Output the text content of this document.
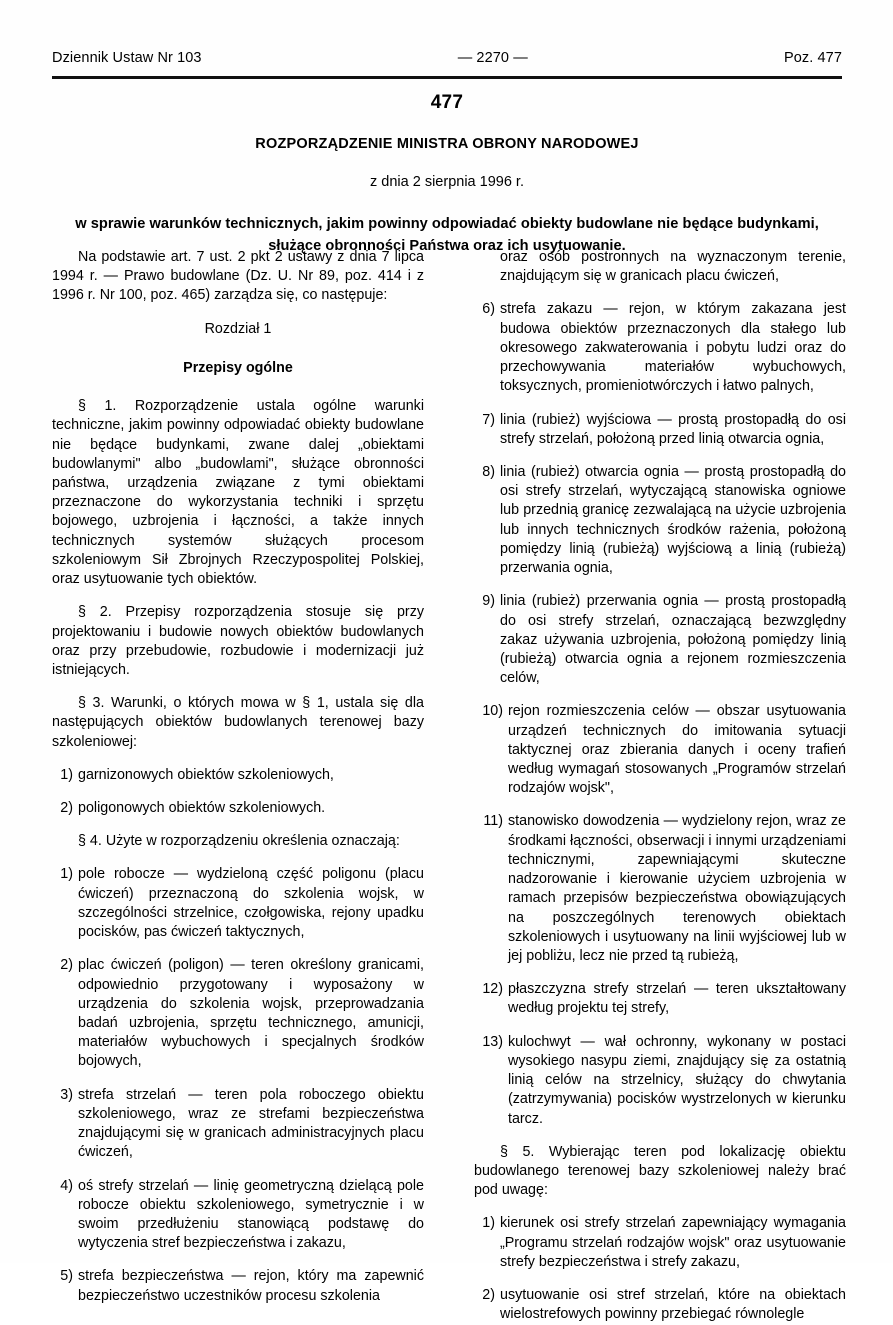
Dziennik Ustaw Nr 103	— 2270 —	Poz. 477
477
ROZPORZĄDZENIE MINISTRA OBRONY NARODOWEJ
z dnia 2 sierpnia 1996 r.
w sprawie warunków technicznych, jakim powinny odpowiadać obiekty budowlane nie będące budynkami, służące obronności Państwa oraz ich usytuowanie.

Na podstawie art. 7 ust. 2 pkt 2 ustawy z dnia 7 lipca 1994 r. — Prawo budowlane (Dz. U. Nr 89, poz. 414 i z 1996 r. Nr 100, poz. 465) zarządza się, co następuje:

Rozdział 1

Przepisy ogólne

§ 1. Rozporządzenie ustala ogólne warunki techniczne, jakim powinny odpowiadać obiekty budowlane nie będące budynkami, zwane dalej „obiektami budowlanymi" albo „budowlami", służące obronności państwa, urządzenia związane z tymi obiektami przeznaczone do wykorzystania techniki i sprzętu bojowego, uzbrojenia i łączności, a także innych technicznych systemów służących procesom szkoleniowym Sił Zbrojnych Rzeczypospolitej Polskiej, oraz usytuowanie tych obiektów.

§ 2. Przepisy rozporządzenia stosuje się przy projektowaniu i budowie nowych obiektów budowlanych oraz przy przebudowie, rozbudowie i modernizacji już istniejących.

§ 3. Warunki, o których mowa w § 1, ustala się dla następujących obiektów budowlanych terenowej bazy szkoleniowej:

1) garnizonowych obiektów szkoleniowych,
2) poligonowych obiektów szkoleniowych.

§ 4. Użyte w rozporządzeniu określenia oznaczają:

1) pole robocze — wydzieloną część poligonu (placu ćwiczeń) przeznaczoną do szkolenia wojsk, w szczególności strzelnice, czołgowiska, rejony upadku pocisków, pas ćwiczeń taktycznych,
2) plac ćwiczeń (poligon) — teren określony granicami, odpowiednio przygotowany i wyposażony w urządzenia do szkolenia wojsk, przeprowadzania badań uzbrojenia, sprzętu technicznego, amunicji, materiałów wybuchowych i specjalnych środków bojowych,
3) strefa strzelań — teren pola roboczego obiektu szkoleniowego, wraz ze strefami bezpieczeństwa znajdującymi się w granicach administracyjnych placu ćwiczeń,
4) oś strefy strzelań — linię geometryczną dzielącą pole robocze obiektu szkoleniowego, symetrycznie i w swoim przedłużeniu stanowiącą podstawę do wytyczenia stref bezpieczeństwa i zakazu,
5) strefa bezpieczeństwa — rejon, który ma zapewnić bezpieczeństwo uczestników procesu szkolenia

oraz osób postronnych na wyznaczonym terenie, znajdującym się w granicach placu ćwiczeń,

6) strefa zakazu — rejon, w którym zakazana jest budowa obiektów przeznaczonych dla stałego lub okresowego zakwaterowania i pobytu ludzi oraz do przechowywania materiałów wybuchowych, toksycznych, promieniotwórczych i łatwo palnych,
7) linia (rubież) wyjściowa — prostą prostopadłą do osi strefy strzelań, położoną przed linią otwarcia ognia,
8) linia (rubież) otwarcia ognia — prostą prostopadłą do osi strefy strzelań, wytyczającą stanowiska ogniowe lub przednią granicę zezwalającą na użycie uzbrojenia lub innych technicznych środków rażenia, położoną pomiędzy linią (rubieżą) wyjściową a linią (rubieżą) przerwania ognia,
9) linia (rubież) przerwania ognia — prostą prostopadłą do osi strefy strzelań, oznaczającą bezwzględny zakaz używania uzbrojenia, położoną pomiędzy linią (rubieżą) otwarcia ognia a rejonem rozmieszczenia celów,
10) rejon rozmieszczenia celów — obszar usytuowania urządzeń technicznych do imitowania sytuacji taktycznej oraz zbierania danych i oceny trafień według wymagań stosowanych „Programów strzelań rodzajów wojsk",
11) stanowisko dowodzenia — wydzielony rejon, wraz ze środkami łączności, obserwacji i innymi urządzeniami technicznymi, zapewniającymi skuteczne nadzorowanie i kierowanie użyciem uzbrojenia w ramach przepisów bezpieczeństwa obowiązujących na poszczególnych terenowych obiektach szkoleniowych i usytuowany na linii wyjściowej lub w jej pobliżu, lecz nie przed tą rubieżą,
12) płaszczyzna strefy strzelań — teren ukształtowany według projektu tej strefy,
13) kulochwyt — wał ochronny, wykonany w postaci wysokiego nasypu ziemi, znajdujący się za ostatnią linią celów na strzelnicy, służący do chwytania (zatrzymywania) pocisków wystrzelonych w kierunku tarcz.

§ 5. Wybierając teren pod lokalizację obiektu budowlanego terenowej bazy szkoleniowej należy brać pod uwagę:

1) kierunek osi strefy strzelań zapewniający wymagania „Programu strzelań rodzajów wojsk" oraz usytuowanie strefy bezpieczeństwa i strefy zakazu,
2) usytuowanie osi stref strzelań, które na obiektach wielostrefowych powinny przebiegać równolegle
